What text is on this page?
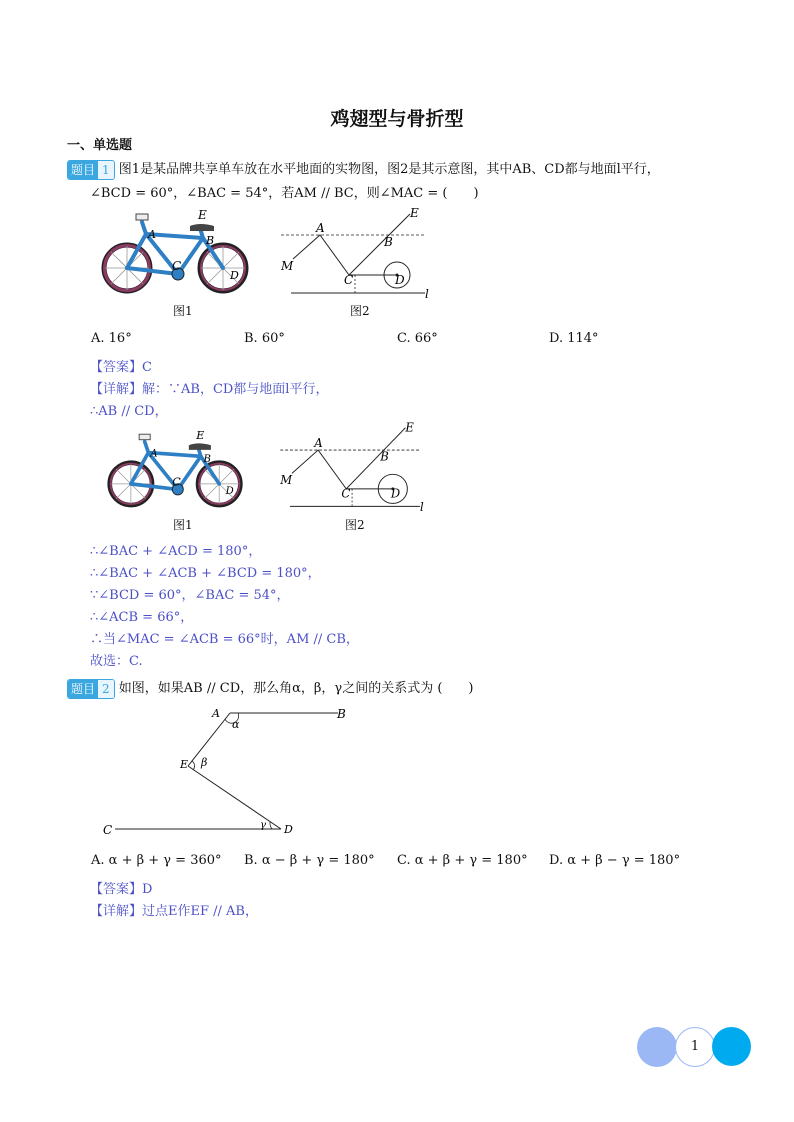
鸡翅型与骨折型
一、单选题
题目 1 图1是某品牌共享单车放在水平地面的实物图，图2是其示意图，其中AB、CD都与地面l平行，
∠BCD = 60°，∠BAC = 54°，若AM // BC，则∠MAC = (　　)
E
A	B
C
D
图1
E
A
B
C	D
M
l
图2
A. 16°	B. 60°	C. 66°	D. 114°
【答案】C
【详解】解：∵AB，CD都与地面l平行，
∴AB // CD，
E
A
B
C
D
图1
E
A
B
C	D
M
l
图2
∴∠BAC + ∠ACD = 180°，
∴∠BAC + ∠ACB + ∠BCD = 180°，
∵∠BCD = 60°，∠BAC = 54°，
∴∠ACB = 66°，
∴当∠MAC = ∠ACB = 66°时，AM // CB，
故选：C.
题目 2 如图，如果AB // CD，那么角α，β，γ之间的关系式为 (　　)
A	B
C	D
E
α
β
γ
A. α + β + γ = 360° B. α − β + γ = 180° C. α + β + γ = 180° D. α + β − γ = 180°
【答案】D
【详解】过点E作EF // AB，
1
